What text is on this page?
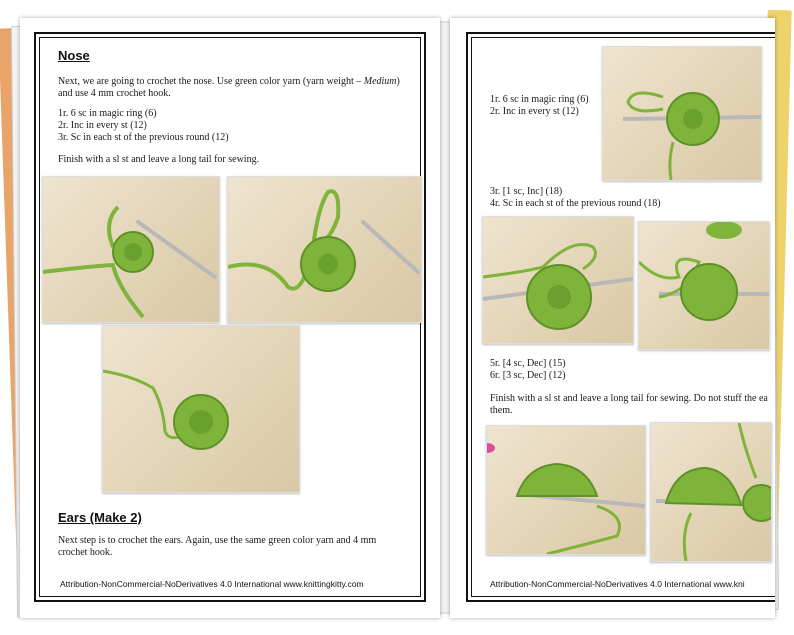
Nose
Next, we are going to crochet the nose. Use green color yarn (yarn weight – Medium)
and use 4 mm crochet hook.
1r. 6 sc in magic ring (6)
2r. Inc in every st (12)
3r. Sc in each st of the previous round (12)
Finish with a sl st and leave a long tail for sewing.
Ears (Make 2)
Next step is to crochet the ears. Again, use the same green color yarn and 4 mm
crochet hook.
Attribution-NonCommercial-NoDerivatives 4.0 International www.knittingkitty.com
1r. 6 sc in magic ring (6)
2r. Inc in every st (12)
3r. [1 sc, Inc] (18)
4r. Sc in each st of the previous round (18)
5r. [4 sc, Dec] (15)
6r. [3 sc, Dec] (12)
Finish with a sl st and leave a long tail for sewing. Do not stuff the ea
them.
Attribution-NonCommercial-NoDerivatives 4.0 International www.kni
